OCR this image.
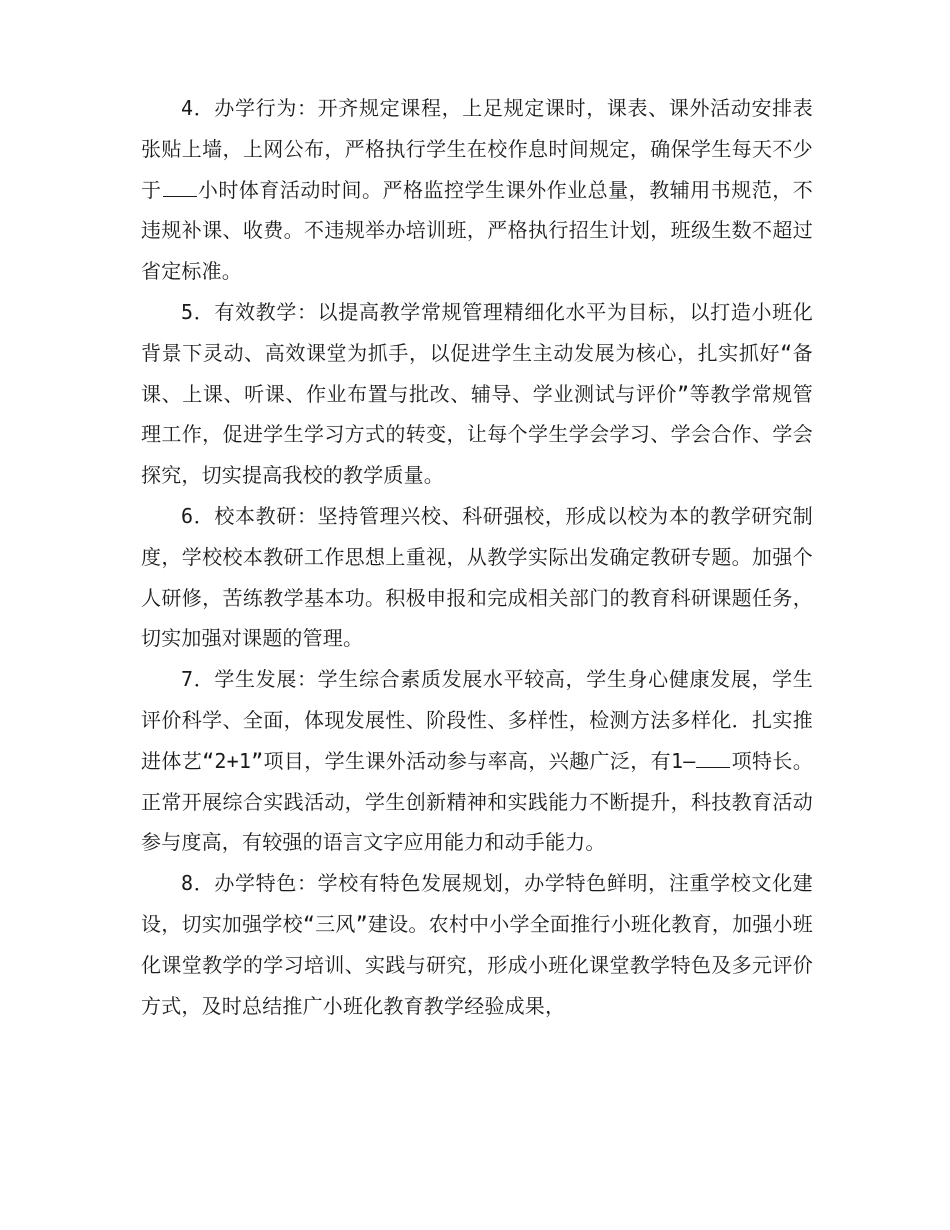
4．办学行为：开齐规定课程，上足规定课时，课表、课外活动安排表张贴上墙，上网公布，严格执行学生在校作息时间规定，确保学生每天不少于 小时体育活动时间。严格监控学生课外作业总量，教辅用书规范，不违规补课、收费。不违规举办培训班，严格执行招生计划，班级生数不超过省定标准。

5．有效教学：以提高教学常规管理精细化水平为目标，以打造小班化背景下灵动、高效课堂为抓手，以促进学生主动发展为核心，扎实抓好“备课、上课、听课、作业布置与批改、辅导、学业测试与评价”等教学常规管理工作，促进学生学习方式的转变，让每个学生学会学习、学会合作、学会探究，切实提高我校的教学质量。

6．校本教研：坚持管理兴校、科研强校，形成以校为本的教学研究制度，学校校本教研工作思想上重视，从教学实际出发确定教研专题。加强个人研修，苦练教学基本功。积极申报和完成相关部门的教育科研课题任务，切实加强对课题的管理。

7．学生发展：学生综合素质发展水平较高，学生身心健康发展，学生评价科学、全面，体现发展性、阶段性、多样性，检测方法多样化．扎实推进体艺“2+1”项目，学生课外活动参与率高，兴趣广泛，有1— 项特长。正常开展综合实践活动，学生创新精神和实践能力不断提升，科技教育活动参与度高，有较强的语言文字应用能力和动手能力。

8．办学特色：学校有特色发展规划，办学特色鲜明，注重学校文化建设，切实加强学校“三风”建设。农村中小学全面推行小班化教育，加强小班化课堂教学的学习培训、实践与研究，形成小班化课堂教学特色及多元评价方式，及时总结推广小班化教育教学经验成果，
